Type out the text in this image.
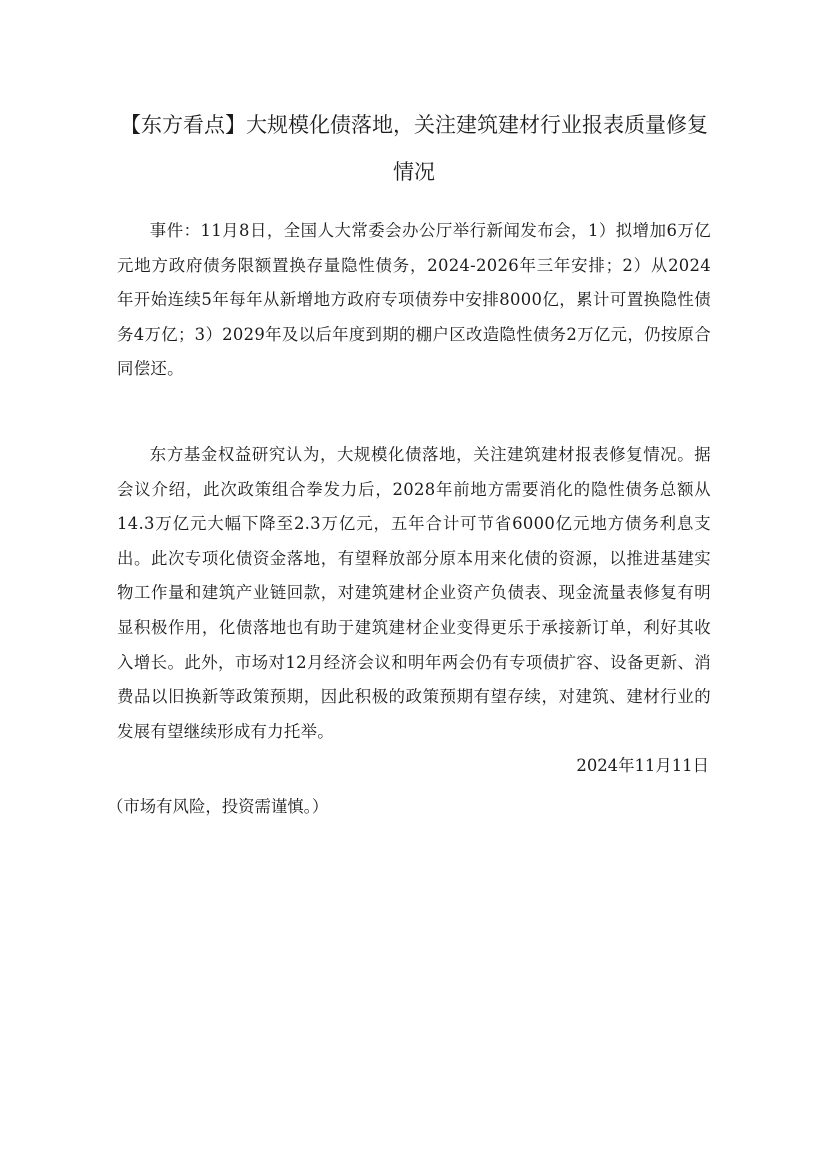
【东方看点】大规模化债落地，关注建筑建材行业报表质量修复情况

事件：11月8日，全国人大常委会办公厅举行新闻发布会，1）拟增加6万亿元地方政府债务限额置换存量隐性债务，2024-2026年三年安排；2）从2024年开始连续5年每年从新增地方政府专项债券中安排8000亿，累计可置换隐性债务4万亿；3）2029年及以后年度到期的棚户区改造隐性债务2万亿元，仍按原合同偿还。

东方基金权益研究认为，大规模化债落地，关注建筑建材报表修复情况。据会议介绍，此次政策组合拳发力后，2028年前地方需要消化的隐性债务总额从14.3万亿元大幅下降至2.3万亿元，五年合计可节省6000亿元地方债务利息支出。此次专项化债资金落地，有望释放部分原本用来化债的资源，以推进基建实物工作量和建筑产业链回款，对建筑建材企业资产负债表、现金流量表修复有明显积极作用，化债落地也有助于建筑建材企业变得更乐于承接新订单，利好其收入增长。此外，市场对12月经济会议和明年两会仍有专项债扩容、设备更新、消费品以旧换新等政策预期，因此积极的政策预期有望存续，对建筑、建材行业的发展有望继续形成有力托举。

2024年11月11日

（市场有风险，投资需谨慎。）
